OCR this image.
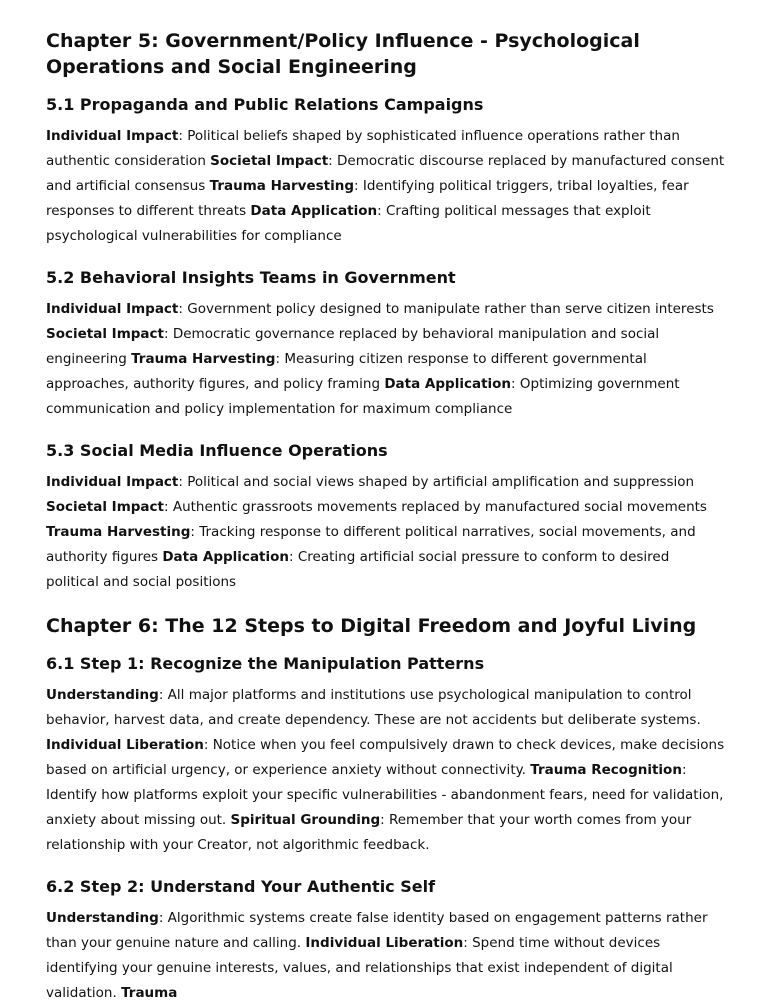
Chapter 5: Government/Policy Influence - Psychological Operations and Social Engineering
5.1 Propaganda and Public Relations Campaigns

Individual Impact: Political beliefs shaped by sophisticated influence operations rather than authentic consideration Societal Impact: Democratic discourse replaced by manufactured consent and artificial consensus Trauma Harvesting: Identifying political triggers, tribal loyalties, fear responses to different threats Data Application: Crafting political messages that exploit psychological vulnerabilities for compliance

5.2 Behavioral Insights Teams in Government

Individual Impact: Government policy designed to manipulate rather than serve citizen interests Societal Impact: Democratic governance replaced by behavioral manipulation and social engineering Trauma Harvesting: Measuring citizen response to different governmental approaches, authority figures, and policy framing Data Application: Optimizing government communication and policy implementation for maximum compliance

5.3 Social Media Influence Operations

Individual Impact: Political and social views shaped by artificial amplification and suppression Societal Impact: Authentic grassroots movements replaced by manufactured social movements Trauma Harvesting: Tracking response to different political narratives, social movements, and authority figures Data Application: Creating artificial social pressure to conform to desired political and social positions

Chapter 6: The 12 Steps to Digital Freedom and Joyful Living
6.1 Step 1: Recognize the Manipulation Patterns

Understanding: All major platforms and institutions use psychological manipulation to control behavior, harvest data, and create dependency. These are not accidents but deliberate systems. Individual Liberation: Notice when you feel compulsively drawn to check devices, make decisions based on artificial urgency, or experience anxiety without connectivity. Trauma Recognition: Identify how platforms exploit your specific vulnerabilities - abandonment fears, need for validation, anxiety about missing out. Spiritual Grounding: Remember that your worth comes from your relationship with your Creator, not algorithmic feedback.

6.2 Step 2: Understand Your Authentic Self

Understanding: Algorithmic systems create false identity based on engagement patterns rather than your genuine nature and calling. Individual Liberation: Spend time without devices identifying your genuine interests, values, and relationships that exist independent of digital validation. Trauma
